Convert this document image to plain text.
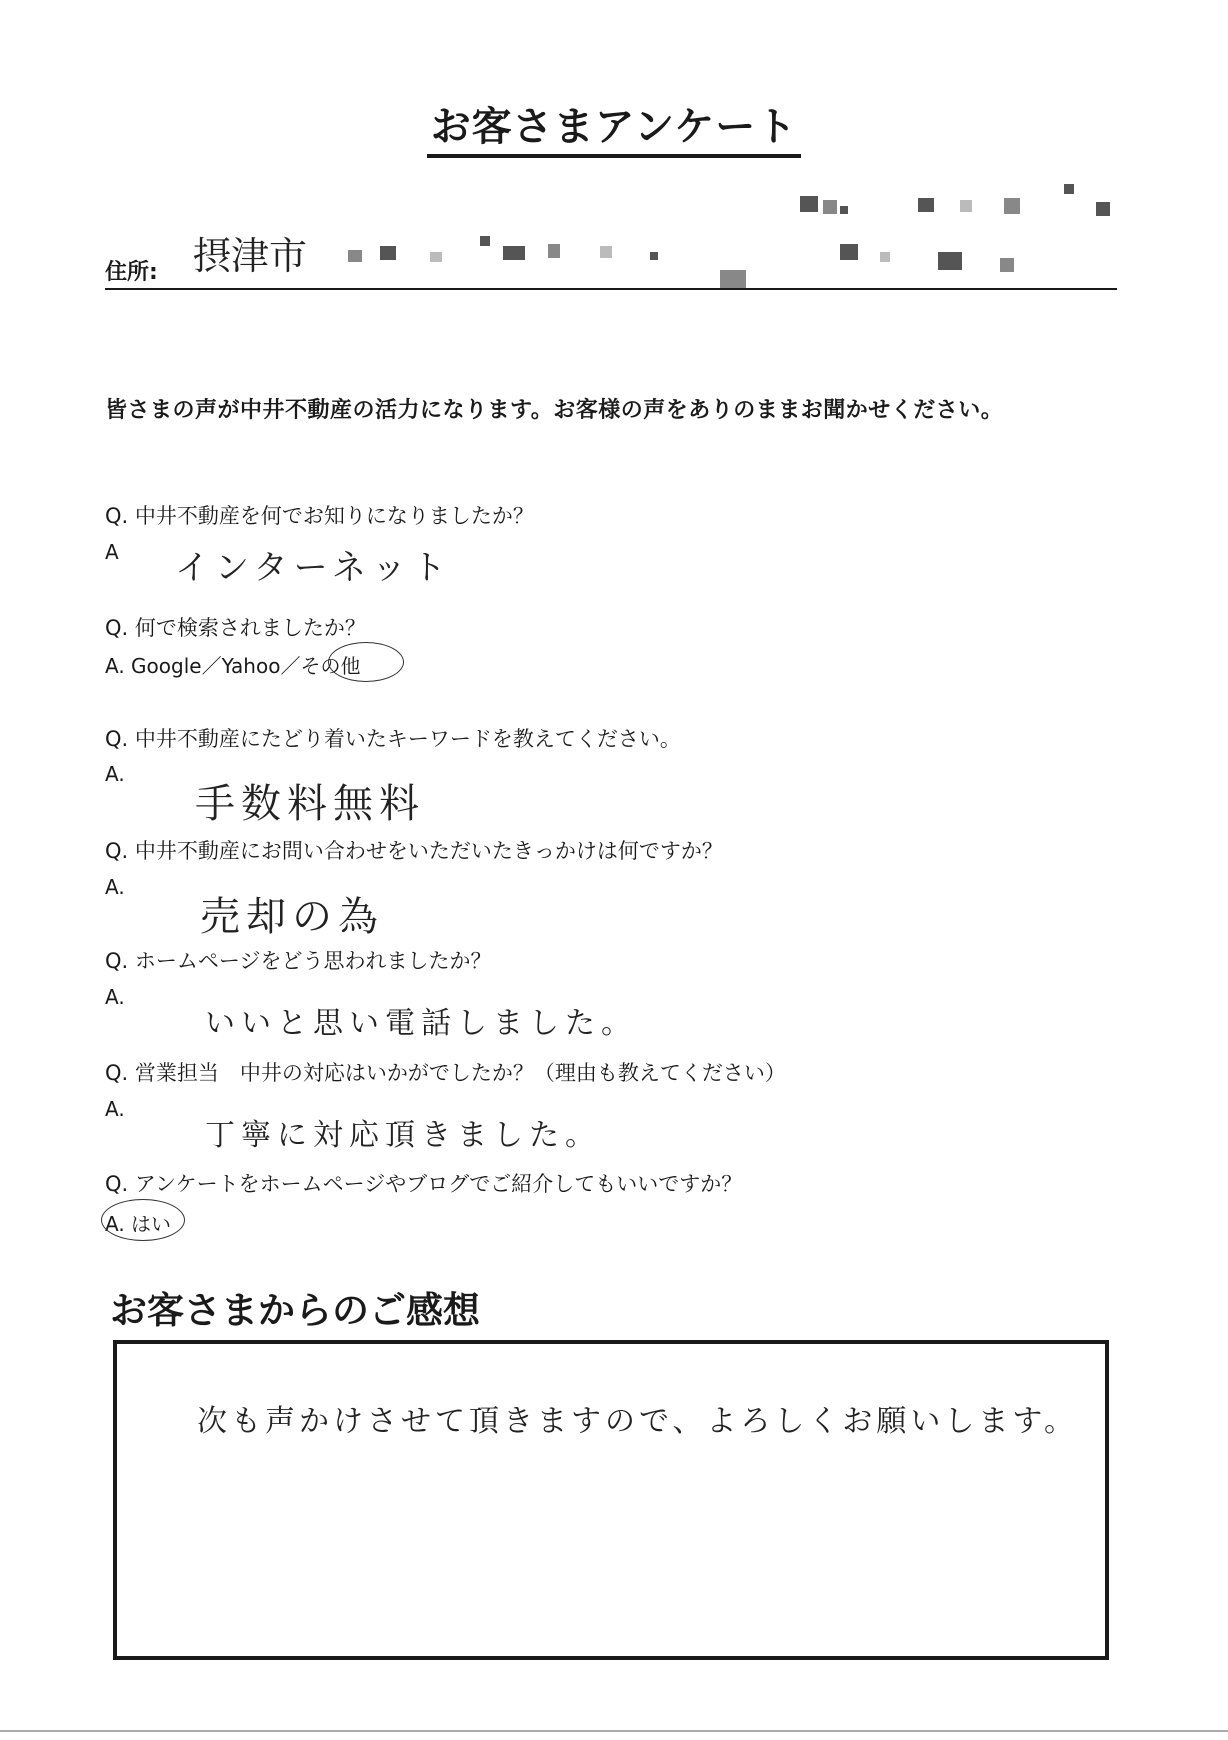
お客さまアンケート
住所: 摂津市
皆さまの声が中井不動産の活力になります。お客様の声をありのままお聞かせください。
Q. 中井不動産を何でお知りになりましたか？
A インターネット
Q. 何で検索されましたか？
A. Google／Yahoo／その他
Q. 中井不動産にたどり着いたキーワードを教えてください。
A.
手数料無料
Q. 中井不動産にお問い合わせをいただいたきっかけは何ですか？
A.
売却の為
Q. ホームページをどう思われましたか？
A.
いいと思い電話しました。
Q. 営業担当　中井の対応はいかがでしたか？（理由も教えてください）
A.
丁寧に対応頂きました。
Q. アンケートをホームページやブログでご紹介してもいいですか？
A. はい
お客さまからのご感想
次も声かけさせて頂きますので、よろしくお願いします。
